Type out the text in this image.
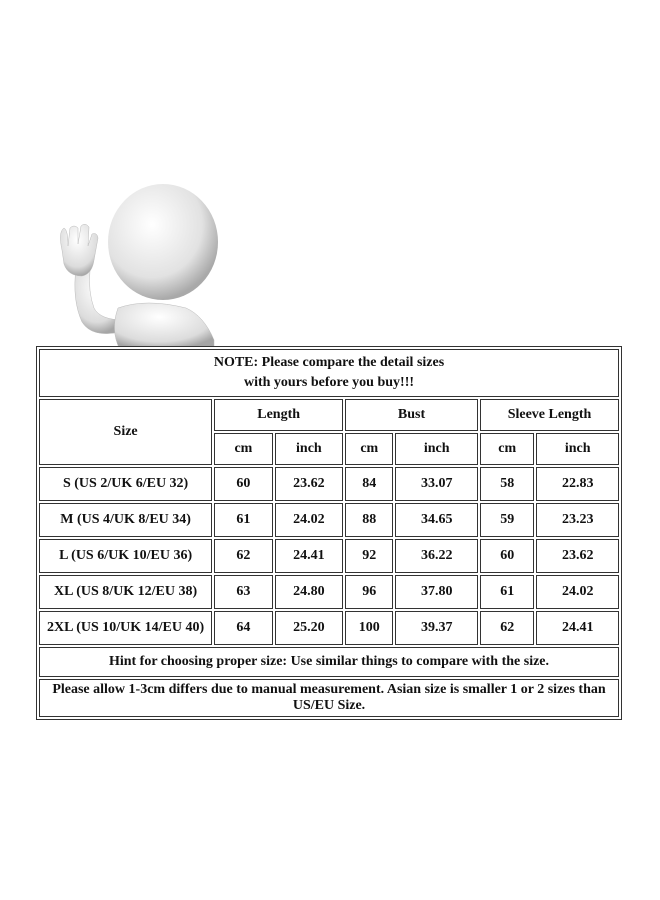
NOTE: Please compare the detail sizes
with yours before you buy!!!						

Size	Length		Bust		Sleeve Length	
	cm	inch	cm	inch	cm	inch
S (US 2/UK 6/EU 32)	60	23.62	84	33.07	58	22.83
M (US 4/UK 8/EU 34)	61	24.02	88	34.65	59	23.23
L (US 6/UK 10/EU 36)	62	24.41	92	36.22	60	23.62
XL (US 8/UK 12/EU 38)	63	24.80	96	37.80	61	24.02
2XL (US 10/UK 14/EU 40)	64	25.20	100	39.37	62	24.41
Hint for choosing proper size: Use similar things to compare with the size.						
Please allow 1-3cm differs due to manual measurement. Asian size is smaller 1 or 2 sizes than US/EU Size.						
